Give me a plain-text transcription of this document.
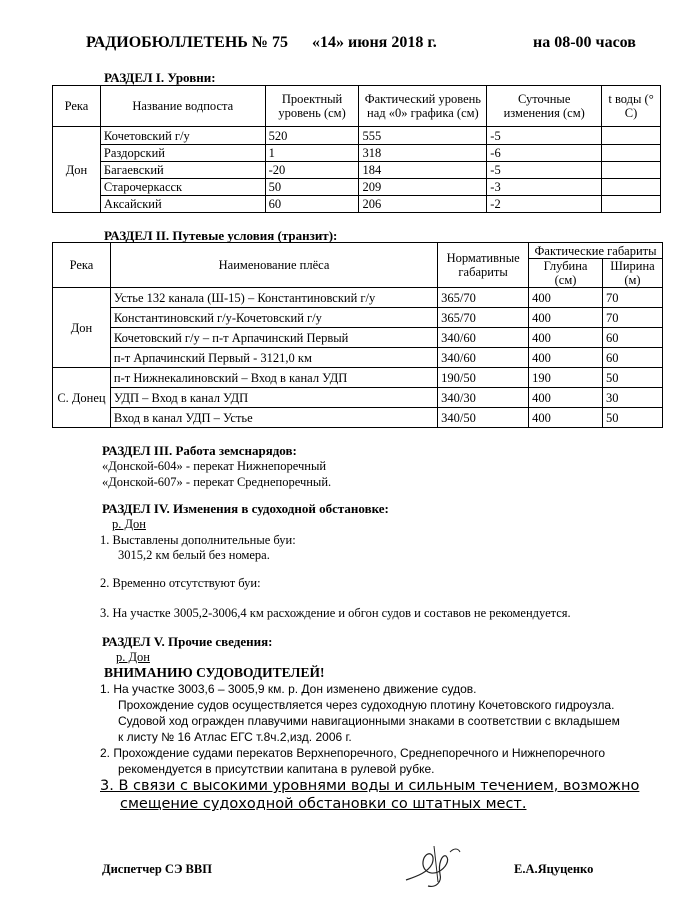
РАДИОБЮЛЛЕТЕНЬ № 75 «14» июня 2018 г.	на 08-00 часов
РАЗДЕЛ I. Уровни:
Река	Название водпоста	Проектный уровень (см)	Фактический уровень над «0» графика (см)	Суточные изменения (см)	t воды (° С)
Дон	Кочетовский г/у	520	555	-5	
	Раздорский	1	318	-6	
	Багаевский	-20	184	-5	
	Старочеркасск	50	209	-3	
	Аксайский	60	206	-2	
РАЗДЕЛ II. Путевые условия (транзит):
Река	Наименование плёса	Нормативные габариты	Фактические габариты	
			Глубина (см)	Ширина (м)
Дон	Устье 132 канала (Ш-15) – Константиновский г/у	365/70	400	70
	Константиновский г/у-Кочетовский г/у	365/70	400	70
	Кочетовский г/у – п-т Арпачинский Первый	340/60	400	60
	п-т Арпачинский Первый - 3121,0 км	340/60	400	60
С. Донец	п-т Нижнекалиновский – Вход в канал УДП	190/50	190	50
	УДП – Вход в канал УДП	340/30	400	30
	Вход в канал УДП – Устье	340/50	400	50
РАЗДЕЛ III. Работа земснарядов:
«Донской-604» - перекат Нижнепоречный
«Донской-607» - перекат Среднепоречный.
РАЗДЕЛ IV. Изменения в судоходной обстановке:
р. Дон
1. Выставлены дополнительные буи:
3015,2 км белый без номера.
2. Временно отсутствуют буи:
3. На участке 3005,2-3006,4 км расхождение и обгон судов и составов не рекомендуется.
РАЗДЕЛ V. Прочие сведения:
р. Дон
ВНИМАНИЮ СУДОВОДИТЕЛЕЙ!
1. На участке 3003,6 – 3005,9 км. р. Дон изменено движение судов.
Прохождение судов осуществляется через судоходную плотину Кочетовского гидроузла.
Судовой ход огражден плавучими навигационными знаками в соответствии с вкладышем
к листу № 16 Атлас ЕГС т.8ч.2,изд. 2006 г.
2. Прохождение судами перекатов Верхнепоречного, Среднепоречного и Нижнепоречного
рекомендуется в присутствии капитана в рулевой рубке.
3. В связи с высокими уровнями воды и сильным течением, возможно
смещение судоходной обстановки со штатных мест.
Диспетчер СЭ ВВП	Е.А.Яцуценко
